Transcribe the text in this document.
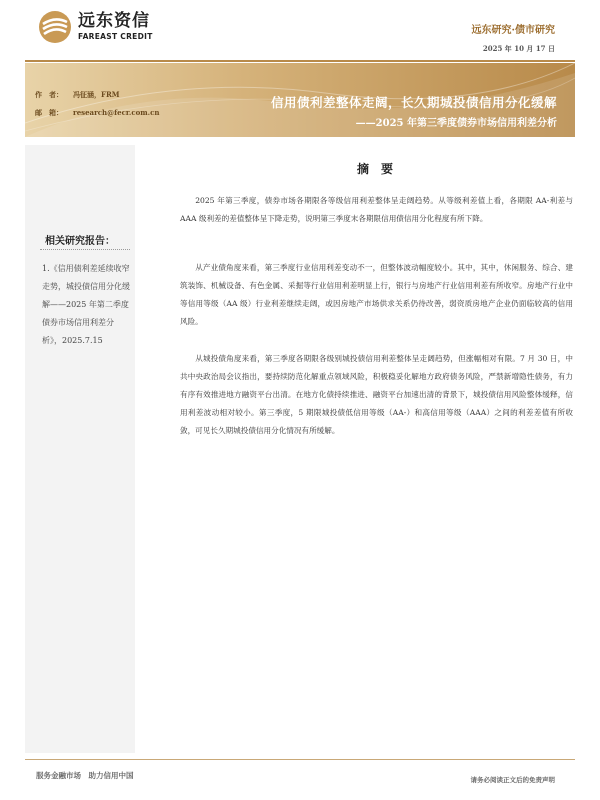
远东资信
FAREAST CREDIT
远东研究·债市研究
2025 年 10 月 17 日
作　者： 冯征涵，FRM
邮　箱： research@fecr.com.cn
信用债利差整体走阔，长久期城投债信用分化缓解
——2025 年第三季度债券市场信用利差分析
相关研究报告：
1.《信用债利差延续收窄走势，城投债信用分化缓解——2025 年第二季度债券市场信用利差分析》，2025.7.15
摘要

2025 年第三季度，债券市场各期限各等级信用利差整体呈走阔趋势。从等级利差值上看，各期限 AA-利差与 AAA 级利差的差值整体呈下降走势，说明第三季度末各期限信用债信用分化程度有所下降。

从产业债角度来看，第三季度行业信用利差变动不一，但整体波动幅度较小。其中，其中，休闲服务、综合、建筑装饰、机械设备、有色金属、采掘等行业信用利差明显上行，银行与房地产行业信用利差有所收窄。房地产行业中等信用等级（AA 级）行业利差继续走阔，或因房地产市场供求关系仍待改善，弱资质房地产企业仍面临较高的信用风险。

从城投债角度来看，第三季度各期限各级别城投债信用利差整体呈走阔趋势，但涨幅相对有限。7 月 30 日，中共中央政治局会议指出，要持续防范化解重点领域风险，积极稳妥化解地方政府债务风险，严禁新增隐性债务，有力有序有效推进地方融资平台出清。在地方化债持续推进、融资平台加速出清的背景下，城投债信用风险整体缓释，信用利差波动相对较小。第三季度，5 期限城投债低信用等级（AA-）和高信用等级（AAA）之间的利差差值有所收敛，可见长久期城投债信用分化情况有所缓解。

服务金融市场　助力信用中国	请务必阅读正文后的免责声明
